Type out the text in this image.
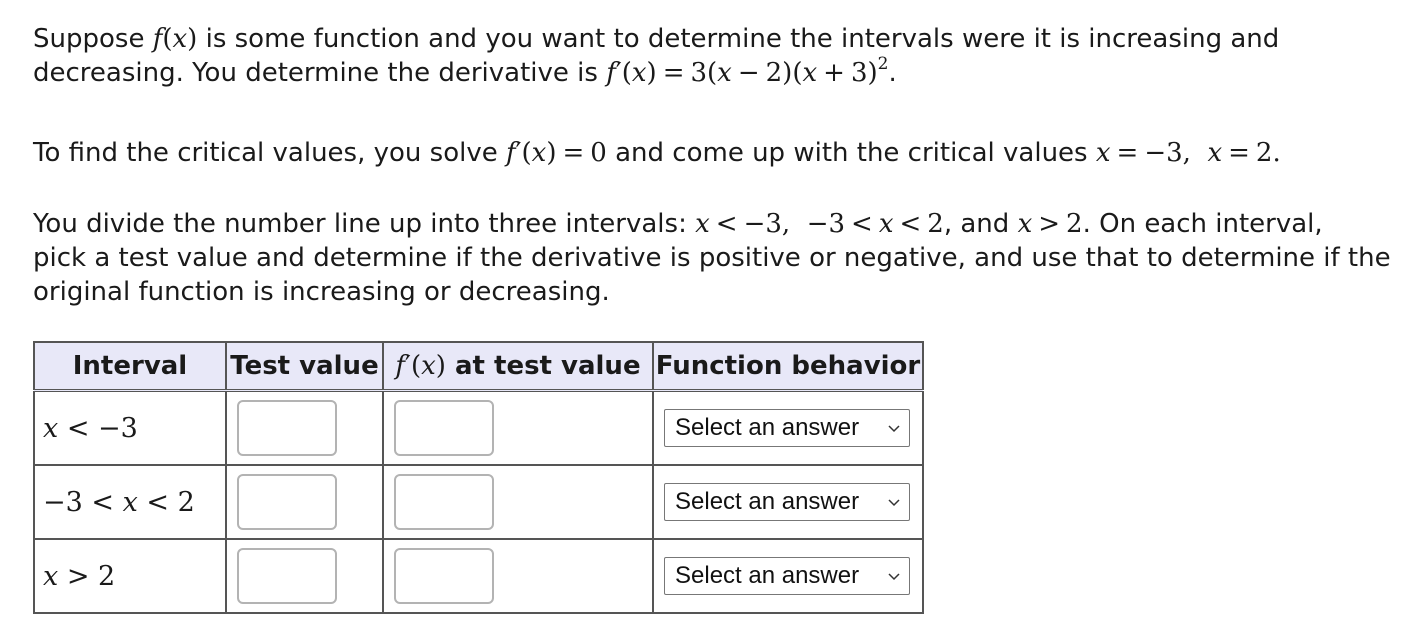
Suppose f(x) is some function and you want to determine the intervals were it is increasing and
decreasing. You determine the derivative is $f'(x) = 3(x - 2)(x + 3)^2$.

To find the critical values, you solve f′(x) = 0 and come up with the critical values x = −3,  x = 2.

You divide the number line up into three intervals: x < −3,  −3 < x < 2, and x > 2. On each interval,
pick a test value and determine if the derivative is positive or negative, and use that to determine if the
original function is increasing or decreasing.

Interval	Test value	f′(x) at test value	Function behavior
x < −3			Select an answer

−3 < x < 2			Select an answer

x > 2			Select an answer
